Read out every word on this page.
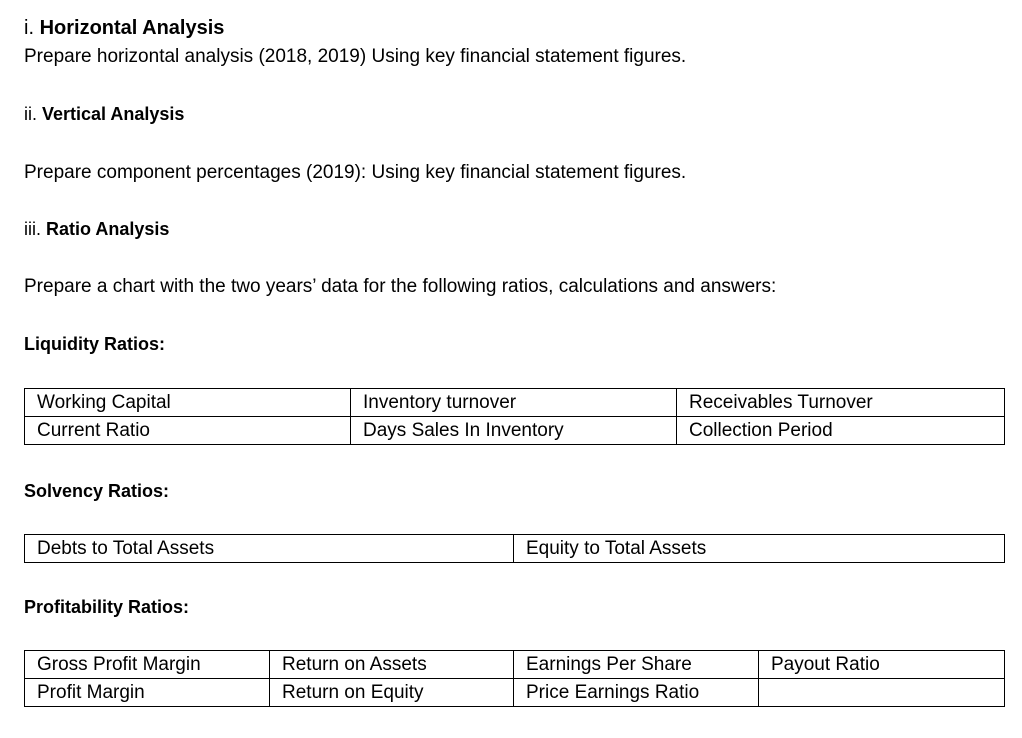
i. Horizontal Analysis
Prepare horizontal analysis (2018, 2019) Using key financial statement figures.
ii. Vertical Analysis
Prepare component percentages (2019): Using key financial statement figures.
iii. Ratio Analysis
Prepare a chart with the two years’ data for the following ratios, calculations and answers:
Liquidity Ratios:
Working Capital	Inventory turnover	Receivables Turnover
Current Ratio	Days Sales In Inventory	Collection Period
Solvency Ratios:
Debts to Total Assets	Equity to Total Assets
Profitability Ratios:
Gross Profit Margin	Return on Assets	Earnings Per Share	Payout Ratio
Profit Margin	Return on Equity	Price Earnings Ratio	
